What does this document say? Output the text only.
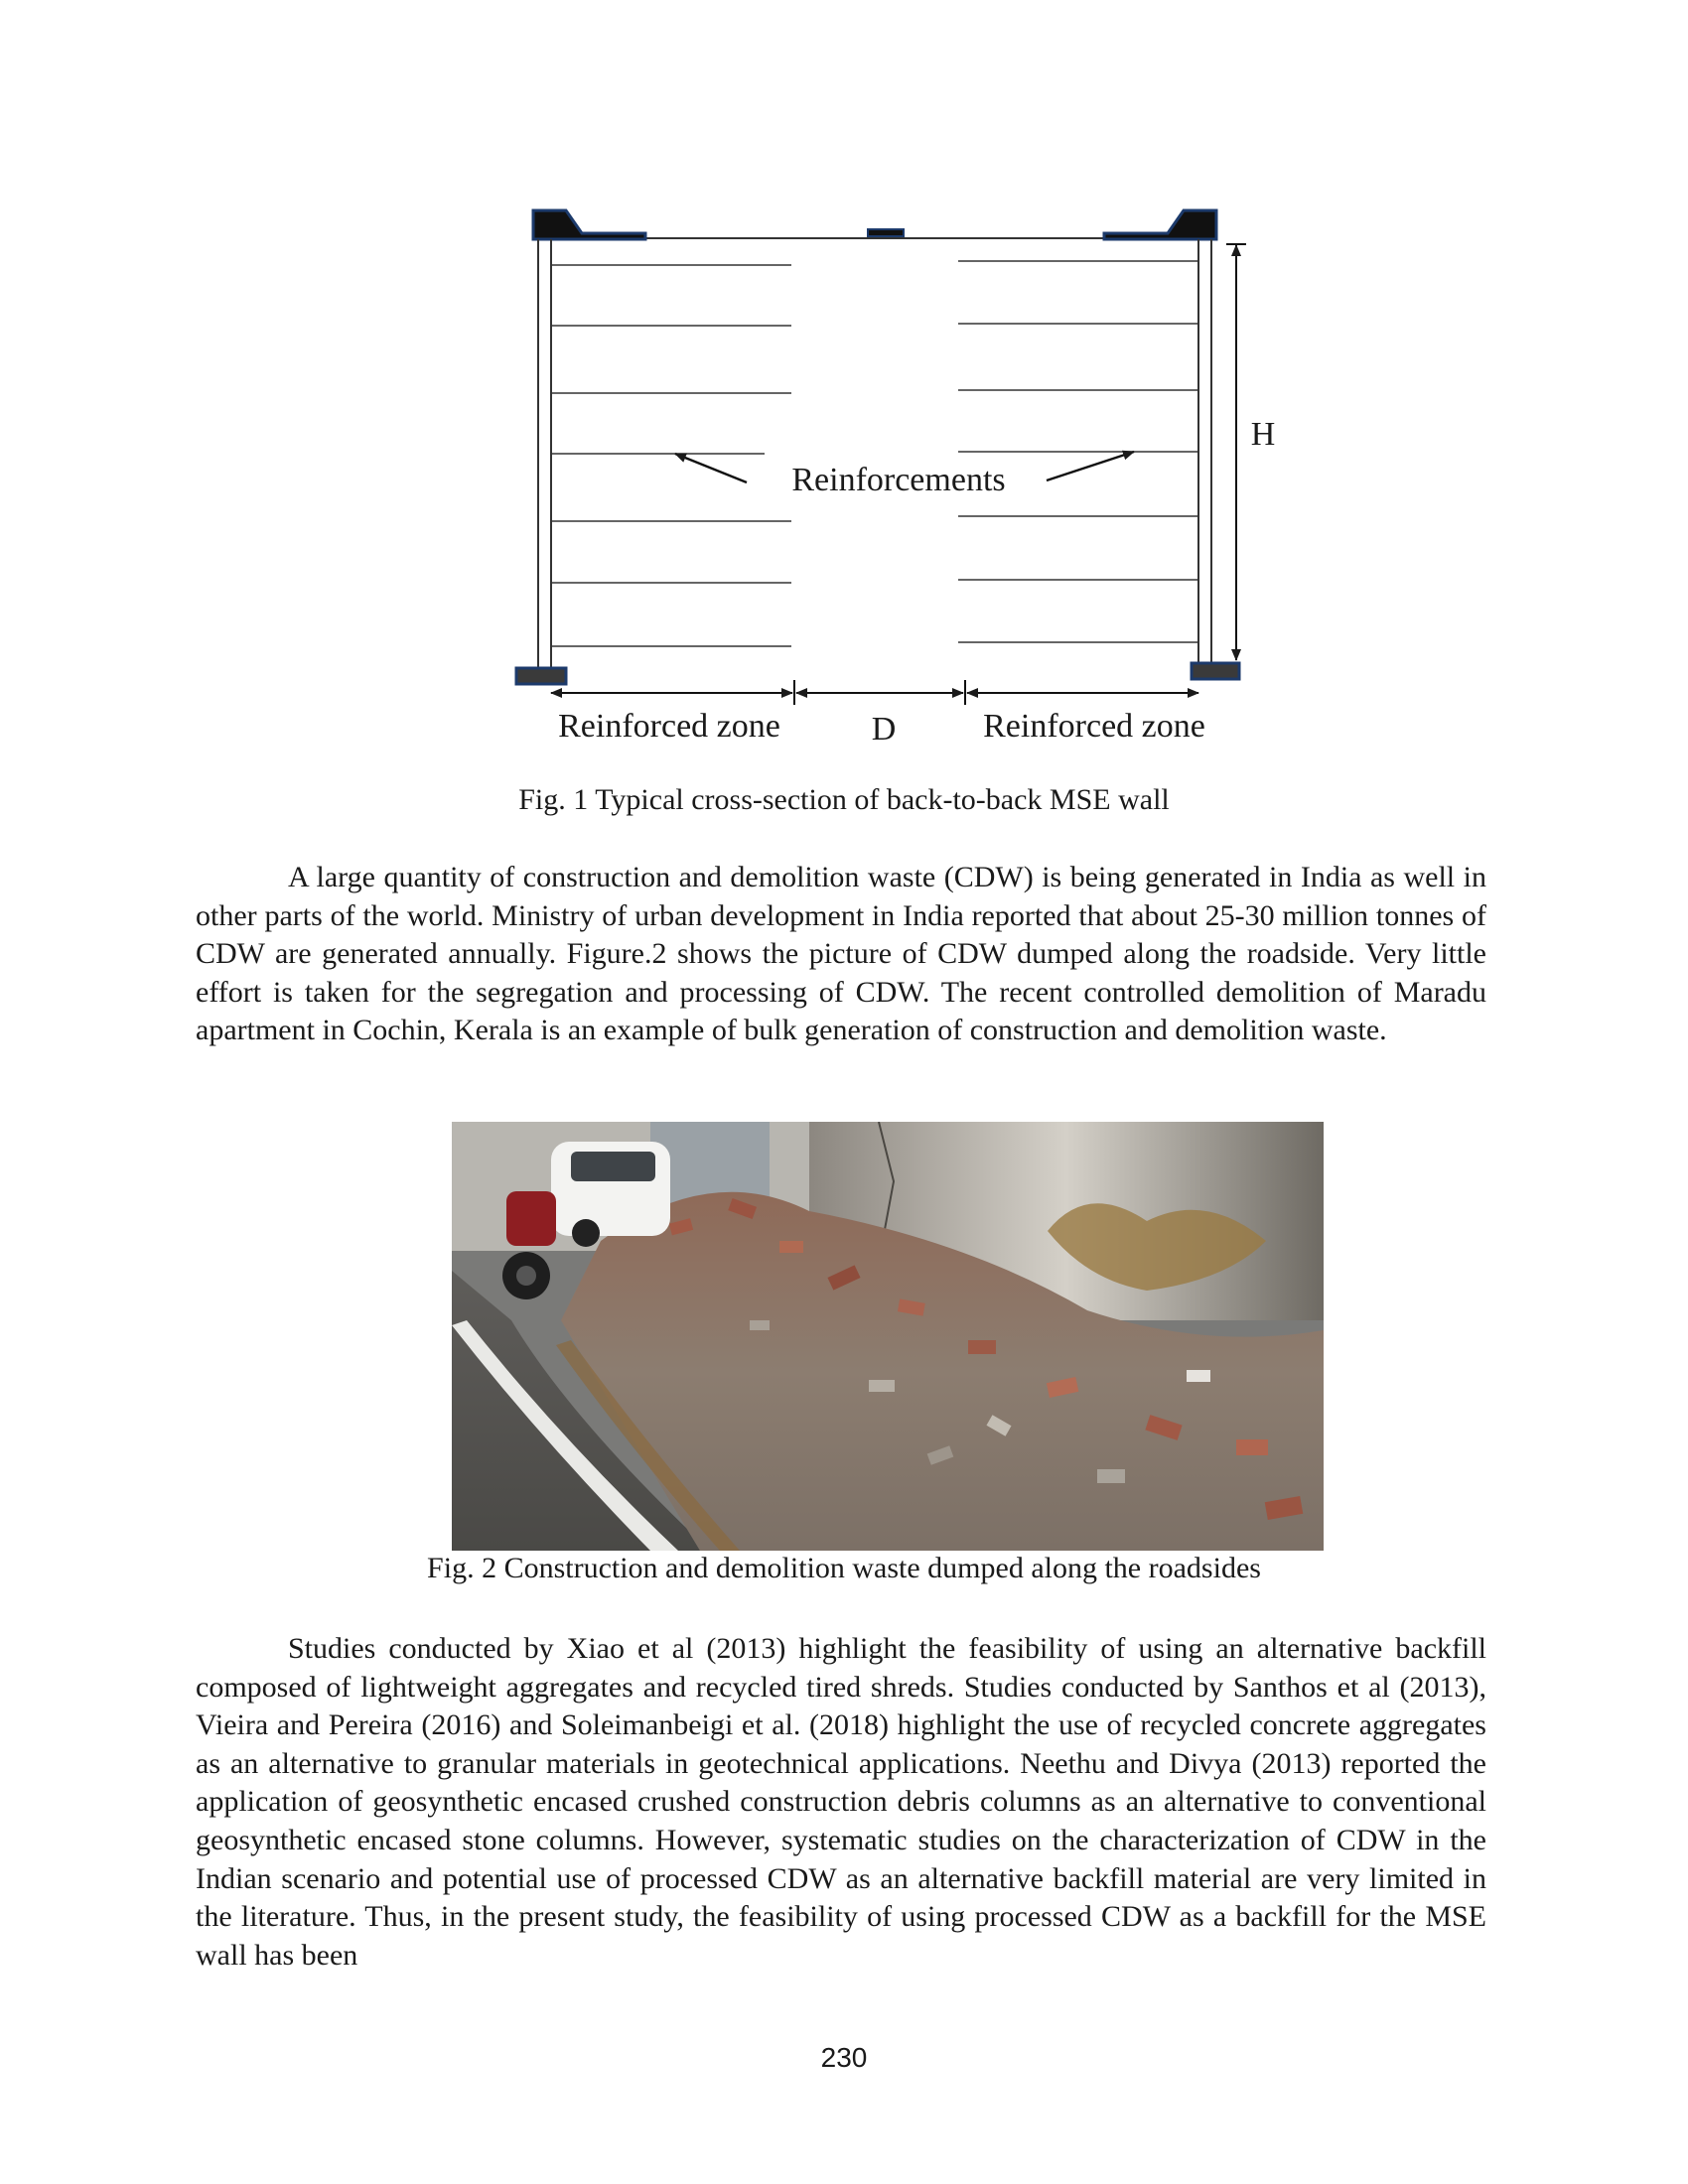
Reinforcements
H
Reinforced zone	D	Reinforced zone
Fig. 1 Typical cross-section of back-to-back MSE wall

A large quantity of construction and demolition waste (CDW) is being generated in India as well in other parts of the world. Ministry of urban development in India reported that about 25-30 million tonnes of CDW are generated annually. Figure.2 shows the picture of CDW dumped along the roadside. Very little effort is taken for the segregation and processing of CDW. The recent controlled demolition of Maradu apartment in Cochin, Kerala is an example of bulk generation of construction and demolition waste.

Fig. 2 Construction and demolition waste dumped along the roadsides

Studies conducted by Xiao et al (2013) highlight the feasibility of using an alternative backfill composed of lightweight aggregates and recycled tired shreds. Studies conducted by Santhos et al (2013), Vieira and Pereira (2016) and Soleimanbeigi et al. (2018) highlight the use of recycled concrete aggregates as an alternative to granular materials in geotechnical applications. Neethu and Divya (2013) reported the application of geosynthetic encased crushed construction debris columns as an alternative to conventional geosynthetic encased stone columns. However, systematic studies on the characterization of CDW in the Indian scenario and potential use of processed CDW as an alternative backfill material are very limited in the literature. Thus, in the present study, the feasibility of using processed CDW as a backfill for the MSE wall has been

230
